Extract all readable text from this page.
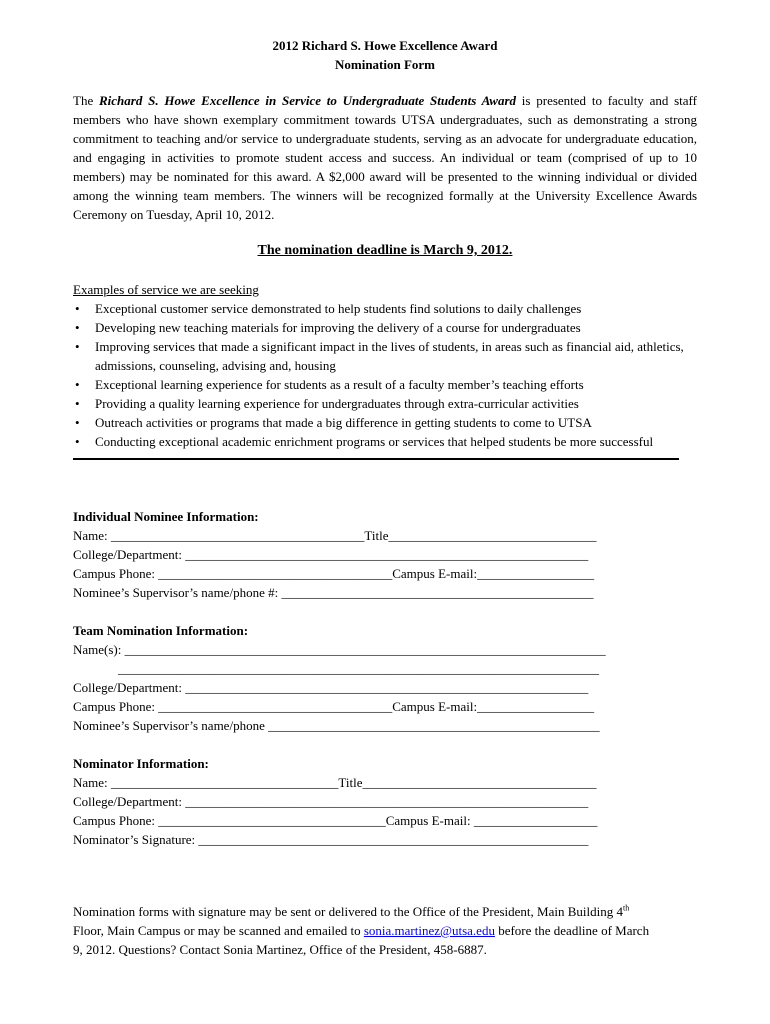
2012 Richard S. Howe Excellence Award
Nomination Form

The Richard S. Howe Excellence in Service to Undergraduate Students Award is presented to faculty and staff members who have shown exemplary commitment towards UTSA undergraduates, such as demonstrating a strong commitment to teaching and/or service to undergraduate students, serving as an advocate for undergraduate education, and engaging in activities to promote student access and success. An individual or team (comprised of up to 10 members) may be nominated for this award. A $2,000 award will be presented to the winning individual or divided among the winning team members. The winners will be recognized formally at the University Excellence Awards Ceremony on Tuesday, April 10, 2012.

The nomination deadline is March 9, 2012.
Examples of service we are seeking
• Exceptional customer service demonstrated to help students find solutions to daily challenges
• Developing new teaching materials for improving the delivery of a course for undergraduates
• Improving services that made a significant impact in the lives of students, in areas such as financial aid, athletics, admissions, counseling, advising and, housing
• Exceptional learning experience for students as a result of a faculty member’s teaching efforts
• Providing a quality learning experience for undergraduates through extra-curricular activities
• Outreach activities or programs that made a big difference in getting students to come to UTSA
• Conducting exceptional academic enrichment programs or services that helped students be more successful
Individual Nominee Information:
Name: _______________________________________Title________________________________
College/Department: ______________________________________________________________
Campus Phone: ____________________________________Campus E-mail:__________________
Nominee’s Supervisor’s name/phone #: ________________________________________________
Team Nomination Information:
Name(s): __________________________________________________________________________
__________________________________________________________________________
College/Department: ______________________________________________________________
Campus Phone: ____________________________________Campus E-mail:__________________
Nominee’s Supervisor’s name/phone ___________________________________________________
Nominator Information:
Name: ___________________________________Title____________________________________
College/Department: ______________________________________________________________
Campus Phone: ___________________________________Campus E-mail: ___________________
Nominator’s Signature: ____________________________________________________________
Nomination forms with signature may be sent or delivered to the Office of the President, Main Building 4th Floor, Main Campus or may be scanned and emailed to sonia.martinez@utsa.edu before the deadline of March 9, 2012. Questions? Contact Sonia Martinez, Office of the President, 458-6887.
